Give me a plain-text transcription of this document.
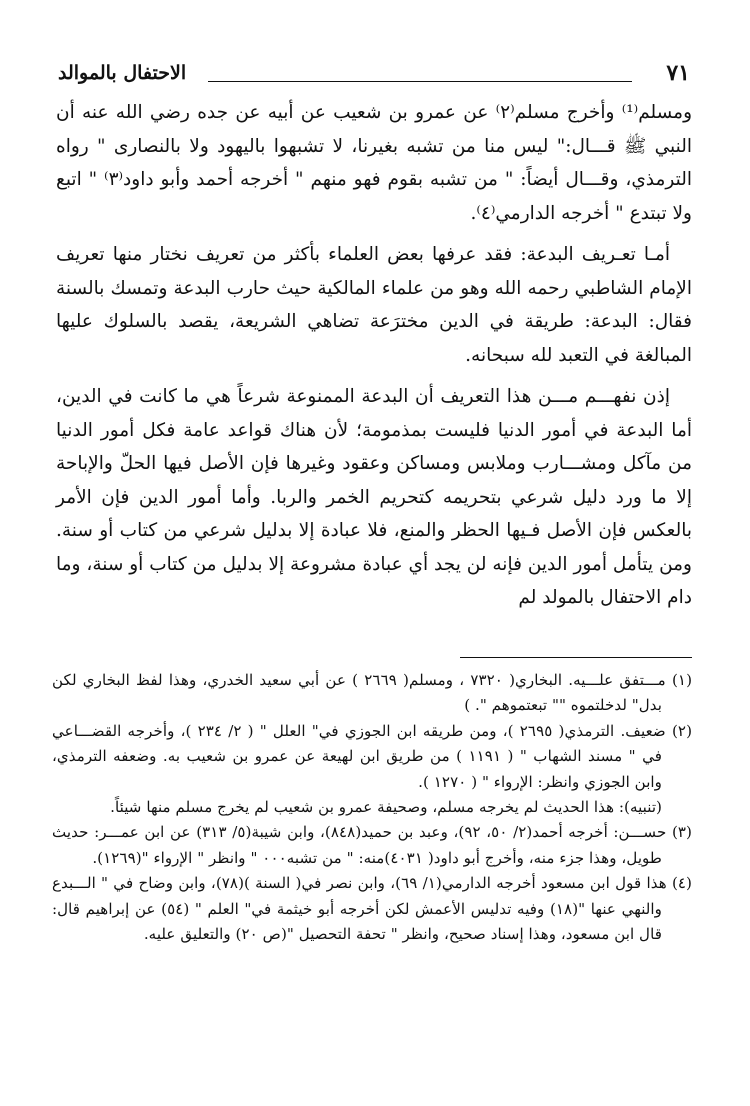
٧١
الاحتفال بالموالد

ومسلم⁽¹⁾ وأخرج مسلم⁽٢⁾ عن عمرو بن شعيب عن أبيه عن جده رضي الله عنه أن النبي ﷺ قـــال:" ليس منا من تشبه بغيرنا، لا تشبهوا باليهود ولا بالنصارى " رواه الترمذي، وقـــال أيضاً: " من تشبه بقوم فهو منهم " أخرجه أحمد وأبو داود⁽٣⁾ " اتبع ولا تبتدع " أخرجه الدارمي⁽٤⁾.

أمـا تعـريف البدعة: فقد عرفها بعض العلماء بأكثر من تعريف نختار منها تعريف الإمام الشاطبي رحمه الله وهو من علماء المالكية حيث حارب البدعة وتمسك بالسنة فقال: البدعة: طريقة في الدين مخترَعة تضاهي الشريعة، يقصد بالسلوك عليها المبالغة في التعبد لله سبحانه.

إذن نفهـــم مـــن هذا التعريف أن البدعة الممنوعة شرعاً هي ما كانت في الدين، أما البدعة في أمور الدنيا فليست بمذمومة؛ لأن هناك قواعد عامة فكل أمور الدنيا من مآكل ومشـــارب وملابس ومساكن وعقود وغيرها فإن الأصل فيها الحلّ والإباحة إلا ما ورد دليل شرعي بتحريمه كتحريم الخمر والربا. وأما أمور الدين فإن الأمر بالعكس فإن الأصل فـيها الحظر والمنع، فلا عبادة إلا بدليل شرعي من كتاب أو سنة. ومن يتأمل أمور الدين فإنه لن يجد أي عبادة مشروعة إلا بدليل من كتاب أو سنة، وما دام الاحتفال بالمولد لم

(١) مـــتفق علـــيه. البخاري( ٧٣٢٠ ، ومسلم( ٢٦٦٩ ) عن أبي سعيد الخدري، وهذا لفظ البخاري لكن بدل" لدخلتموه "" تبعتموهم ". )

(٢) ضعيف. الترمذي( ٢٦٩٥ )، ومن طريقه ابن الجوزي في" العلل " ( ٢/ ٢٣٤ )، وأخرجه القضـــاعي في " مسند الشهاب " ( ١١٩١ ) من طريق ابن لهيعة عن عمرو بن شعيب به. وضعفه الترمذي، وابن الجوزي وانظر: الإرواء " ( ١٢٧٠ ).

(تنبيه): هذا الحديث لم يخرجه مسلم، وصحيفة عمرو بن شعيب لم يخرج مسلم منها شيئاً.

(٣) حســـن: أخرجه أحمد(٢/ ٥٠، ٩٢)، وعبد بن حميد(٨٤٨)، وابن شيبة(٥/ ٣١٣) عن ابن عمـــر: حديث طويل، وهذا جزء منه، وأخرج أبو داود( ٤٠٣١)منه: " من تشبه٠٠٠ " وانظر " الإرواء "(١٢٦٩).

(٤) هذا قول ابن مسعود أخرجه الدارمي(١/ ٦٩)، وابن نصر في( السنة )(٧٨)، وابن وضاح في " الـــبدع والنهي عنها "(١٨) وفيه تدليس الأعمش لكن أخرجه أبو خيثمة في" العلم " (٥٤) عن إبراهيم قال: قال ابن مسعود، وهذا إسناد صحيح، وانظر " تحفة التحصيل "(ص ٢٠) والتعليق عليه.
